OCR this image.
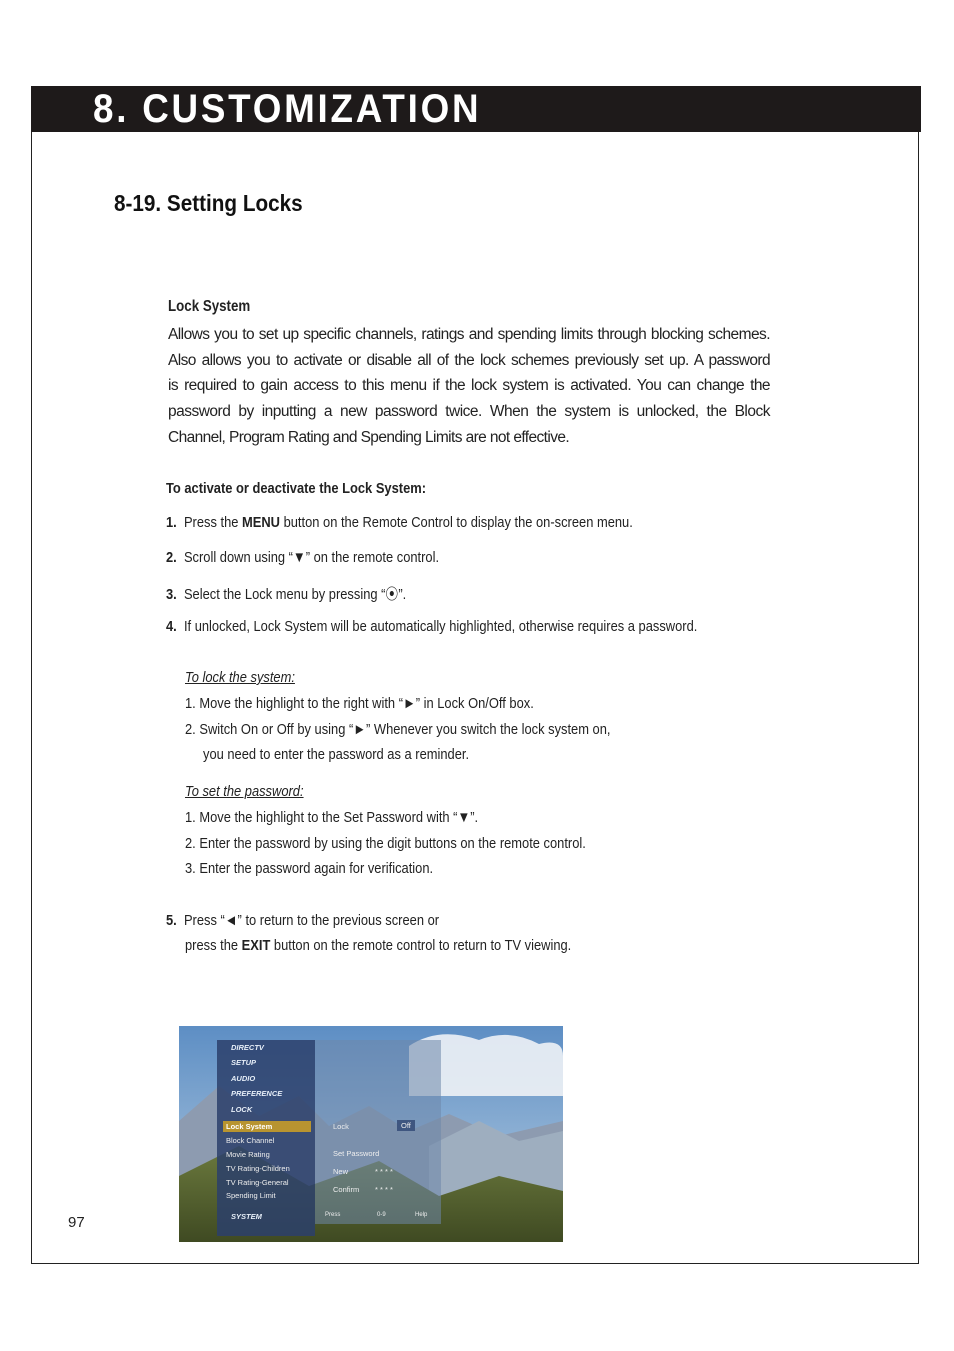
8. CUSTOMIZATION
8-19. Setting Locks
Lock System
Allows you to set up specific channels, ratings and spending limits through blocking schemes.
Also allows you to activate or disable all of the lock schemes previously set up. A password
is required to gain access to this menu if the lock system is activated. You can change the
password by inputting a new password twice. When the system is unlocked, the Block
Channel, Program Rating and Spending Limits are not effective.
To activate or deactivate the Lock System:
1. Press the MENU button on the Remote Control to display the on-screen menu.
2. Scroll down using “▼” on the remote control.
3. Select the Lock menu by pressing “⦿”.
4. If unlocked, Lock System will be automatically highlighted, otherwise requires a password.
To lock the system:
1. Move the highlight to the right with “►” in Lock On/Off box.
2. Switch On or Off by using “►” Whenever you switch the lock system on,
you need to enter the password as a reminder.
To set the password:
1. Move the highlight to the Set Password with “▼”.
2. Enter the password by using the digit buttons on the remote control.
3. Enter the password again for verification.
5. Press “◄” to return to the previous screen or
press the EXIT button on the remote control to return to TV viewing.
DIRECTV
SETUP
AUDIO
PREFERENCE
LOCK
Lock System
Block Channel
Movie Rating
TV Rating-Children
TV Rating-General
Spending Limit
SYSTEM
Lock	Off
Set Password
New	* * * *
Confirm * * * *
Press	0-9	Help
97
